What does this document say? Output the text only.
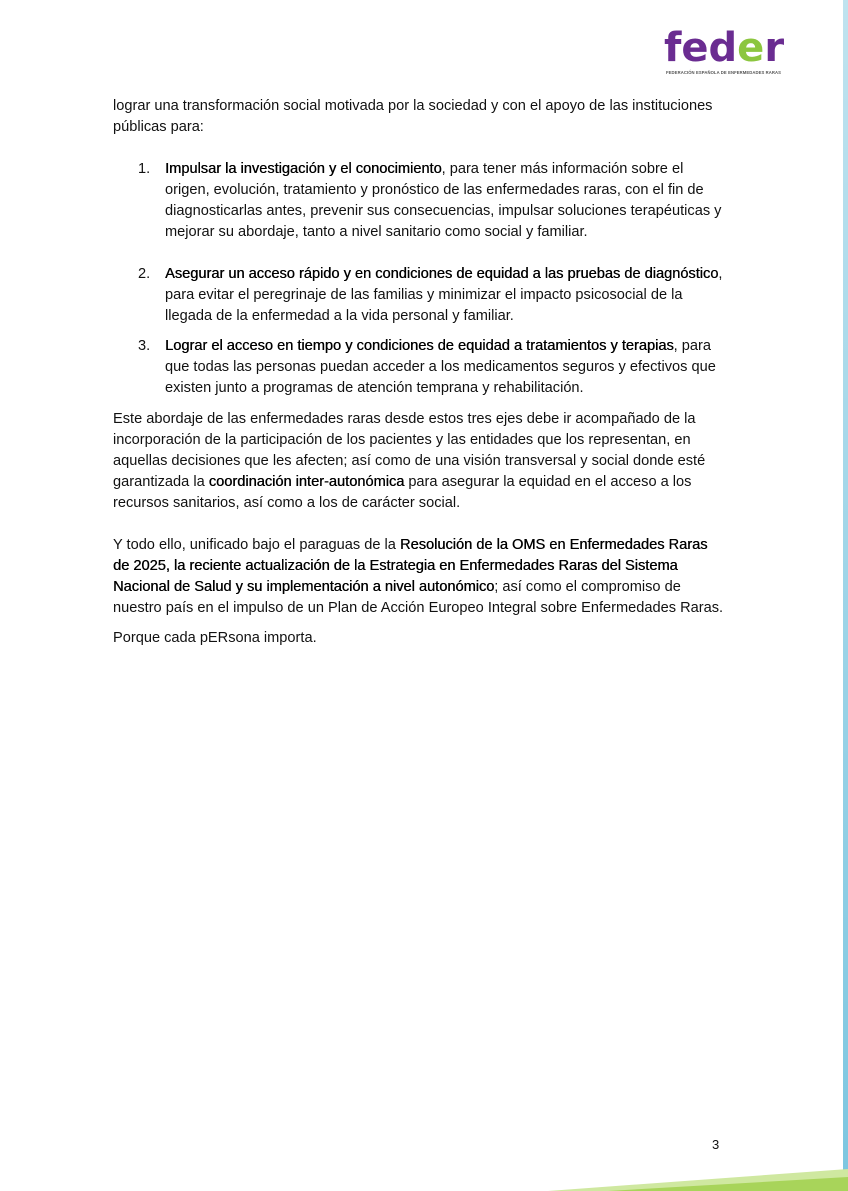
feder
FEDERACIÓN ESPAÑOLA DE ENFERMEDADES RARAS

lograr una transformación social motivada por la sociedad y con el apoyo de las instituciones públicas para:

1. Impulsar la investigación y el conocimiento, para tener más información sobre el origen, evolución, tratamiento y pronóstico de las enfermedades raras, con el fin de diagnosticarlas antes, prevenir sus consecuencias, impulsar soluciones terapéuticas y mejorar su abordaje, tanto a nivel sanitario como social y familiar.
2. Asegurar un acceso rápido y en condiciones de equidad a las pruebas de diagnóstico, para evitar el peregrinaje de las familias y minimizar el impacto psicosocial de la llegada de la enfermedad a la vida personal y familiar.
3. Lograr el acceso en tiempo y condiciones de equidad a tratamientos y terapias, para que todas las personas puedan acceder a los medicamentos seguros y efectivos que existen junto a programas de atención temprana y rehabilitación.

Este abordaje de las enfermedades raras desde estos tres ejes debe ir acompañado de la incorporación de la participación de los pacientes y las entidades que los representan, en aquellas decisiones que les afecten; así como de una visión transversal y social donde esté garantizada la coordinación inter-autonómica para asegurar la equidad en el acceso a los recursos sanitarios, así como a los de carácter social.

Y todo ello, unificado bajo el paraguas de la Resolución de la OMS en Enfermedades Raras de 2025, la reciente actualización de la Estrategia en Enfermedades Raras del Sistema Nacional de Salud y su implementación a nivel autonómico; así como el compromiso de nuestro país en el impulso de un Plan de Acción Europeo Integral sobre Enfermedades Raras.

Porque cada pERsona importa.

3
